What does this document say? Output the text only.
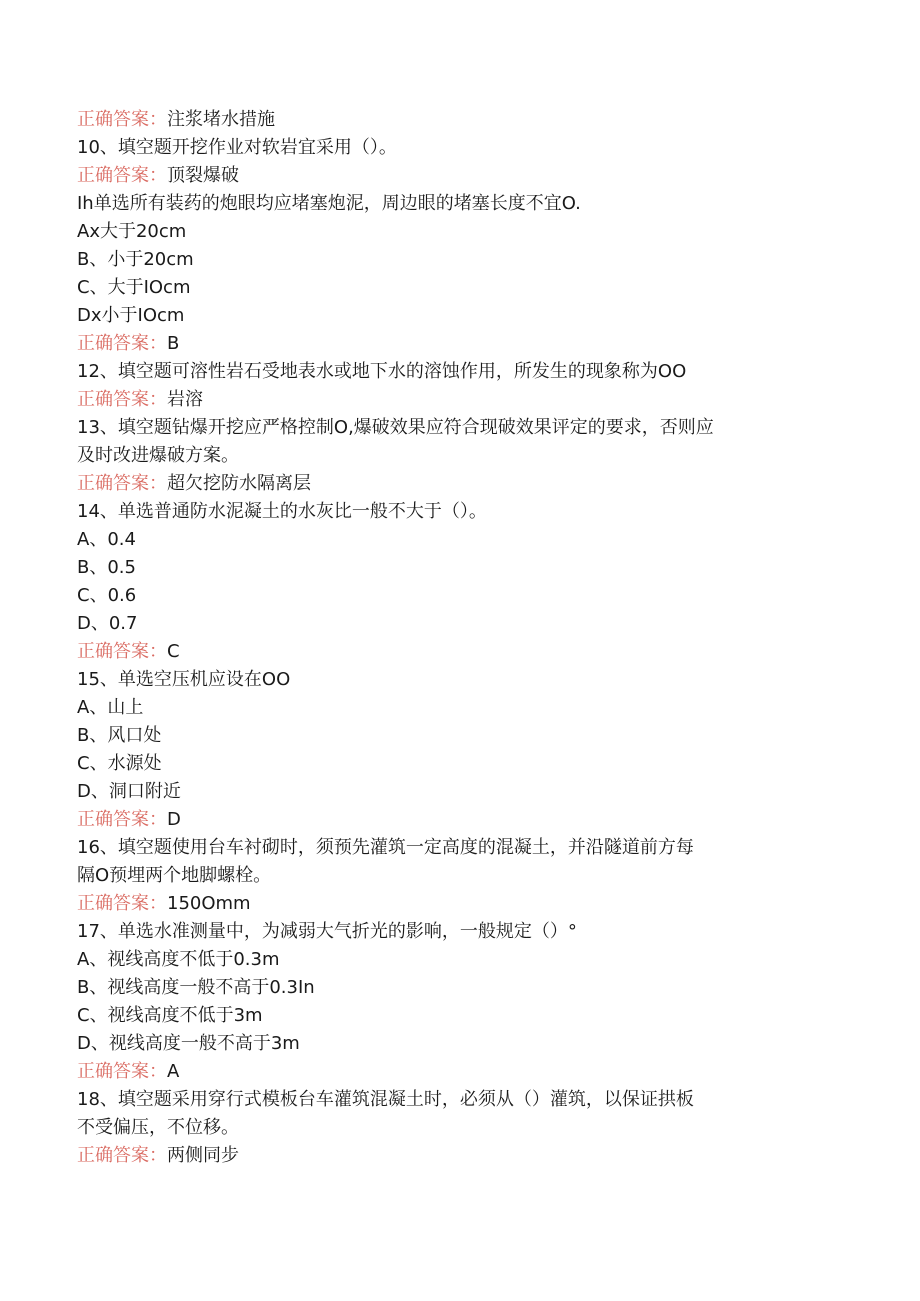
正确答案：注浆堵水措施
10、填空题开挖作业对软岩宜采用（）。
正确答案：顶裂爆破
Ih单选所有装药的炮眼均应堵塞炮泥，周边眼的堵塞长度不宜O.
Ax大于20cm
B、小于20cm
C、大于IOcm
Dx小于IOcm
正确答案：B
12、填空题可溶性岩石受地表水或地下水的溶蚀作用，所发生的现象称为OO
正确答案：岩溶
13、填空题钻爆开挖应严格控制O,爆破效果应符合现破效果评定的要求，否则应
及时改进爆破方案。
正确答案：超欠挖防水隔离层
14、单选普通防水泥凝土的水灰比一般不大于（）。
A、0.4
B、0.5
C、0.6
D、0.7
正确答案：C
15、单选空压机应设在OO
A、山上
B、风口处
C、水源处
D、洞口附近
正确答案：D
16、填空题使用台车衬砌时，须预先灌筑一定高度的混凝土，并沿隧道前方每
隔O预埋两个地脚螺栓。
正确答案：150Omm
17、单选水准测量中，为减弱大气折光的影响，一般规定（）°
A、视线高度不低于0.3m
B、视线高度一般不高于0.3In
C、视线高度不低于3m
D、视线高度一般不高于3m
正确答案：A
18、填空题采用穿行式模板台车灌筑混凝土时，必须从（）灌筑，以保证拱板
不受偏压，不位移。
正确答案：两侧同步
